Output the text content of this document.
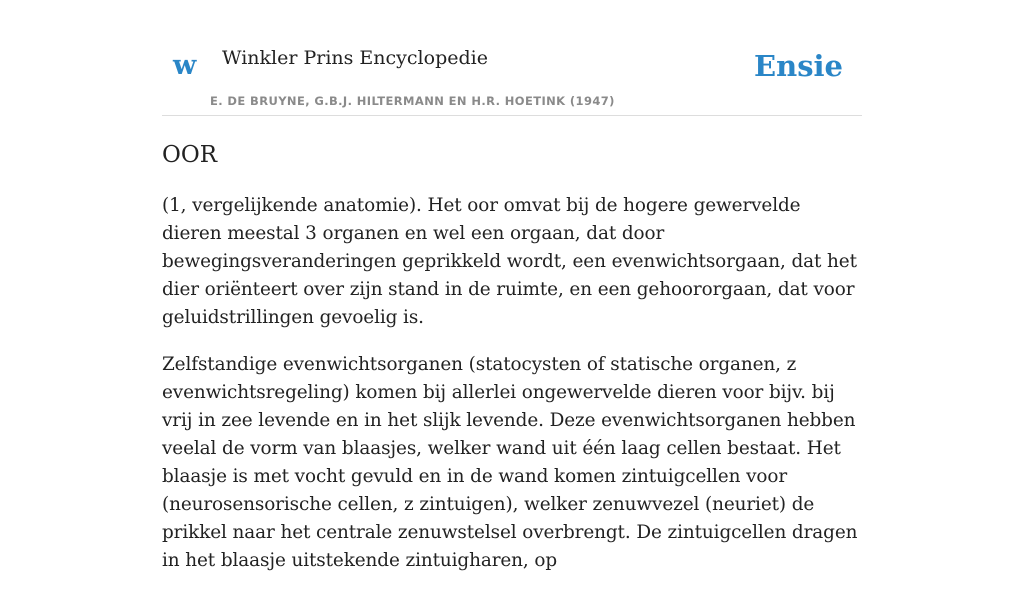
w Winkler Prins Encyclopedie
E. DE BRUYNE, G.B.J. HILTERMANN EN H.R. HOETINK (1947)
Ensie
OOR

(1, vergelijkende anatomie). Het oor omvat bij de hogere gewervelde dieren meestal 3 organen en wel een orgaan, dat door bewegingsveranderingen geprikkeld wordt, een evenwichtsorgaan, dat het dier oriënteert over zijn stand in de ruimte, en een gehoororgaan, dat voor geluidstrillingen gevoelig is.

Zelfstandige evenwichtsorganen (statocysten of statische organen, z evenwichtsregeling) komen bij allerlei ongewervelde dieren voor bijv. bij vrij in zee levende en in het slijk levende. Deze evenwichtsorganen hebben veelal de vorm van blaasjes, welker wand uit één laag cellen bestaat. Het blaasje is met vocht gevuld en in de wand komen zintuigcellen voor (neurosensorische cellen, z zintuigen), welker zenuwvezel (neuriet) de prikkel naar het centrale zenuwstelsel overbrengt. De zintuigcellen dragen in het blaasje uitstekende zintuigharen, op
